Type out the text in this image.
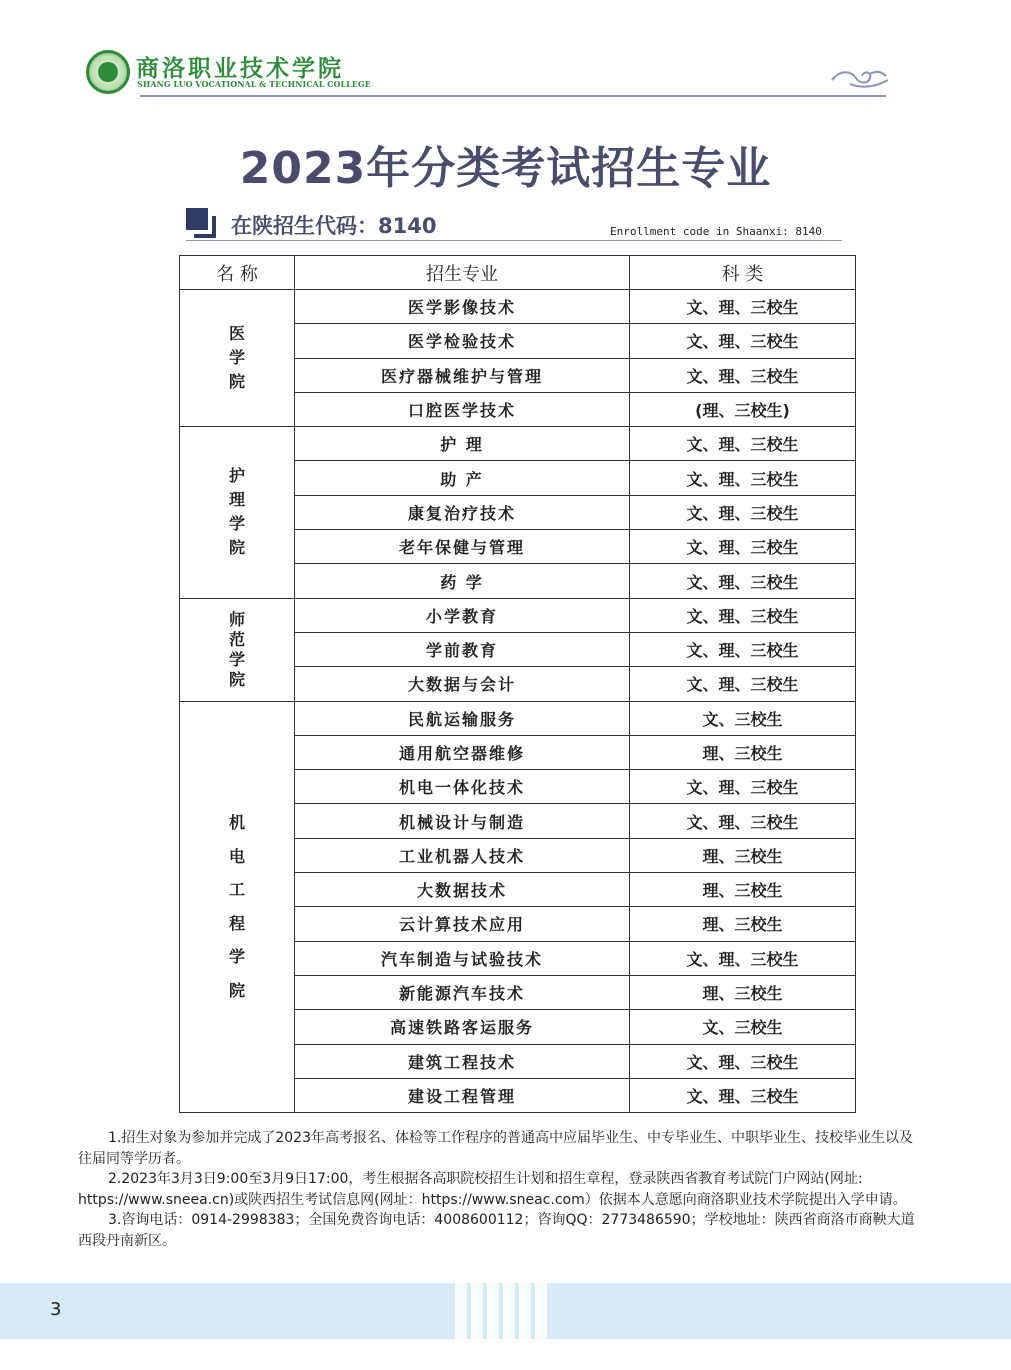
商洛职业技术学院
SHANG LUO VOCATIONAL & TECHNICAL COLLEGE
2023年分类考试招生专业
在陕招生代码：8140	Enrollment code in Shaanxi: 8140
名 称	招生专业	科 类

医学院	医学影像技术	文、理、三校生
	医学检验技术	文、理、三校生
	医疗器械维护与管理	文、理、三校生
	口腔医学技术	(理、三校生)

护理学院	护 理	文、理、三校生
	助 产	文、理、三校生
	康复治疗技术	文、理、三校生
	老年保健与管理	文、理、三校生
	药 学	文、理、三校生

师范学院	小学教育	文、理、三校生
	学前教育	文、理、三校生
	大数据与会计	文、理、三校生

机电工程学院	民航运输服务	文、三校生
	通用航空器维修	理、三校生
	机电一体化技术	文、理、三校生
	机械设计与制造	文、理、三校生
	工业机器人技术	理、三校生
	大数据技术	理、三校生
	云计算技术应用	理、三校生
	汽车制造与试验技术	文、理、三校生
	新能源汽车技术	理、三校生
	高速铁路客运服务	文、三校生
	建筑工程技术	文、理、三校生
	建设工程管理	文、理、三校生

1.招生对象为参加并完成了2023年高考报名、体检等工作程序的普通高中应届毕业生、中专毕业生、中职毕业生、技校毕业生以及往届同等学历者。

2.2023年3月3日9:00至3月9日17:00，考生根据各高职院校招生计划和招生章程，登录陕西省教育考试院门户网站(网址: https://www.sneea.cn)或陕西招生考试信息网(网址：https://www.sneac.com）依据本人意愿向商洛职业技术学院提出入学申请。

3.咨询电话：0914-2998383；全国免费咨询电话：4008600112；咨询QQ：2773486590；学校地址：陕西省商洛市商鞅大道西段丹南新区。

3
